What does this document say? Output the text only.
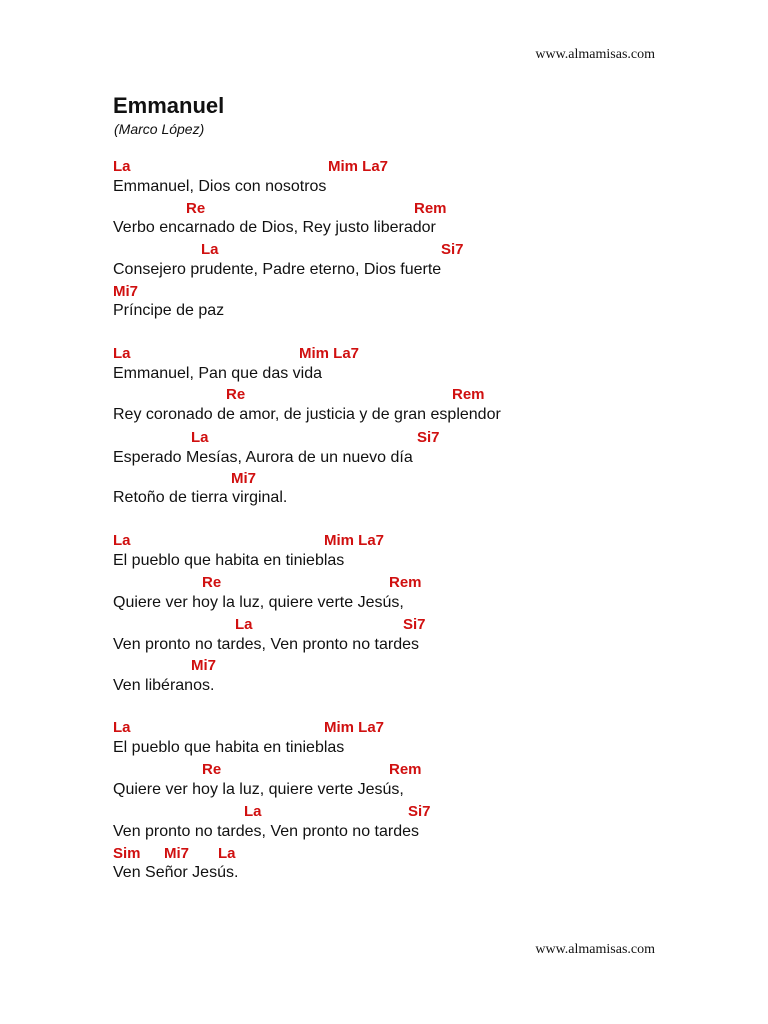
www.almamisas.com
Emmanuel
(Marco López)
La	Mim La7
Emmanuel, Dios con nosotros
Re	Rem
Verbo encarnado de Dios, Rey justo liberador
La	Si7
Consejero prudente, Padre eterno, Dios fuerte
Mi7
Príncipe de paz
La	Mim La7
Emmanuel, Pan que das vida
Re	Rem
Rey coronado de amor, de justicia y de gran esplendor
La	Si7
Esperado Mesías, Aurora de un nuevo día
Mi7
Retoño de tierra virginal.
La	Mim La7
El pueblo que habita en tinieblas
Re	Rem
Quiere ver hoy la luz, quiere verte Jesús,
La	Si7
Ven pronto no tardes, Ven pronto no tardes
Mi7
Ven libéranos.
La	Mim La7
El pueblo que habita en tinieblas
Re	Rem
Quiere ver hoy la luz, quiere verte Jesús,
La	Si7
Ven pronto no tardes, Ven pronto no tardes
Sim Mi7 La
Ven Señor Jesús.
www.almamisas.com
